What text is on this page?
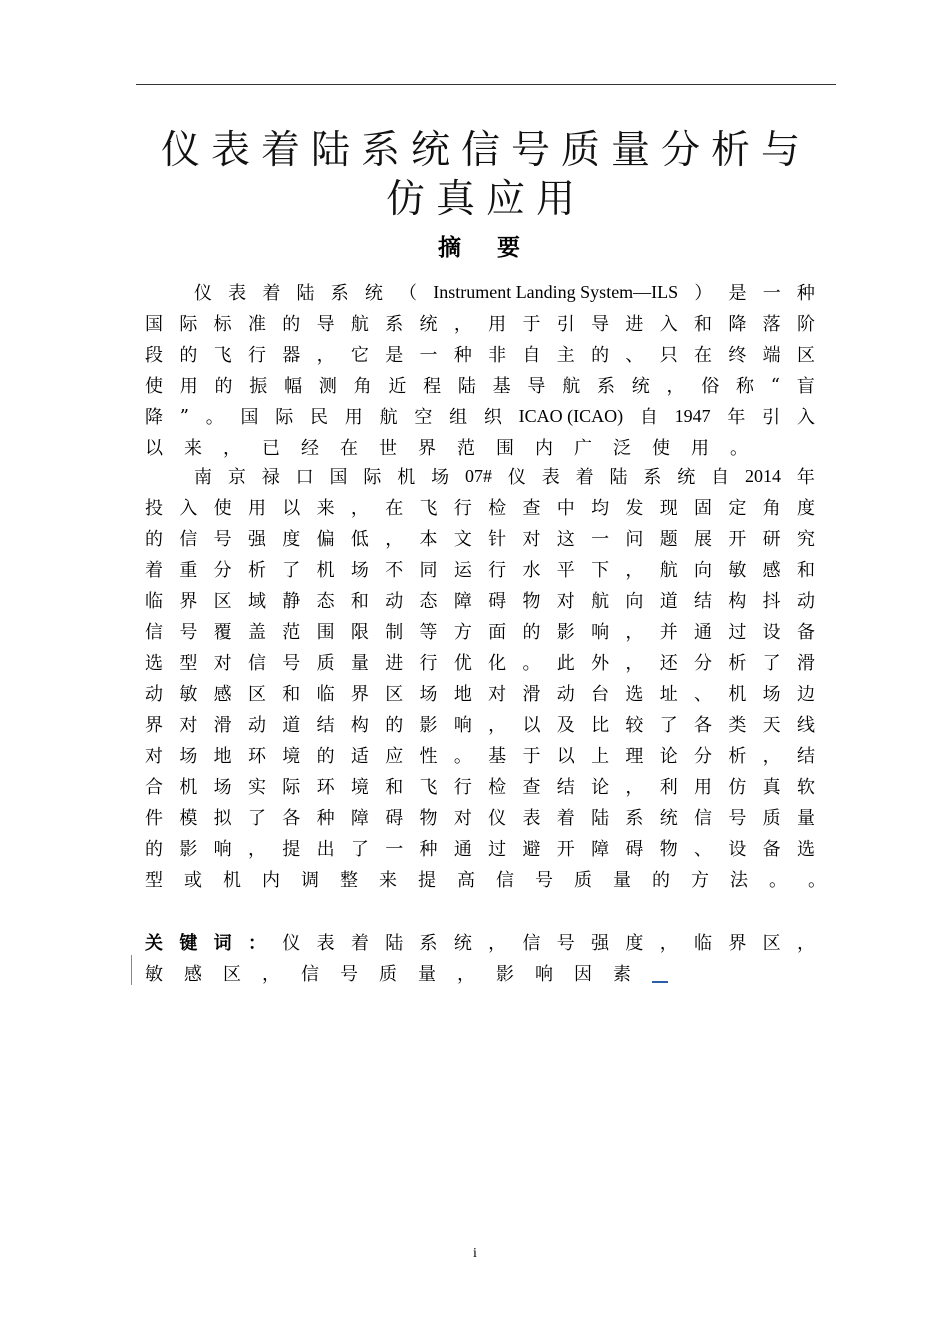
仪表着陆系统信号质量分析与
仿真应用
摘 要
仪 表 着 陆 系 统 （ Instrument Landing System—ILS ） 是 一 种
国 际 标 准 的 导 航 系 统 ， 用 于 引 导 进 入 和 降 落 阶
段 的 飞 行 器 ， 它 是 一 种 非 自 主 的 、 只 在 终 端 区
使 用 的 振 幅 测 角 近 程 陆 基 导 航 系 统 ， 俗 称 “ 盲
降 ” 。 国 际 民 用 航 空 组 织 ICAO (ICAO) 自 1947 年 引 入
以 来 ， 已 经 在 世 界 范 围 内 广 泛 使 用 。
南 京 禄 口 国 际 机 场 07# 仪 表 着 陆 系 统 自 2014 年
投 入 使 用 以 来 ， 在 飞 行 检 查 中 均 发 现 固 定 角 度
的 信 号 强 度 偏 低 ， 本 文 针 对 这 一 问 题 展 开 研 究
着 重 分 析 了 机 场 不 同 运 行 水 平 下 ， 航 向 敏 感 和
临 界 区 域 静 态 和 动 态 障 碍 物 对 航 向 道 结 构 抖 动
信 号 覆 盖 范 围 限 制 等 方 面 的 影 响 ， 并 通 过 设 备
选 型 对 信 号 质 量 进 行 优 化 。 此 外 ， 还 分 析 了 滑
动 敏 感 区 和 临 界 区 场 地 对 滑 动 台 选 址 、 机 场 边
界 对 滑 动 道 结 构 的 影 响 ， 以 及 比 较 了 各 类 天 线
对 场 地 环 境 的 适 应 性 。 基 于 以 上 理 论 分 析 ， 结
合 机 场 实 际 环 境 和 飞 行 检 查 结 论 ， 利 用 仿 真 软
件 模 拟 了 各 种 障 碍 物 对 仪 表 着 陆 系 统 信 号 质 量
的 影 响 ， 提 出 了 一 种 通 过 避 开 障 碍 物 、 设 备 选
型 或 机 内 调 整 来 提 高 信 号 质 量 的 方 法 。 。
关 键 词 ： 仪 表 着 陆 系 统 ， 信 号 强 度 ， 临 界 区 ，
敏 感 区 ， 信 号 质 量 ， 影 响 因 素
i
